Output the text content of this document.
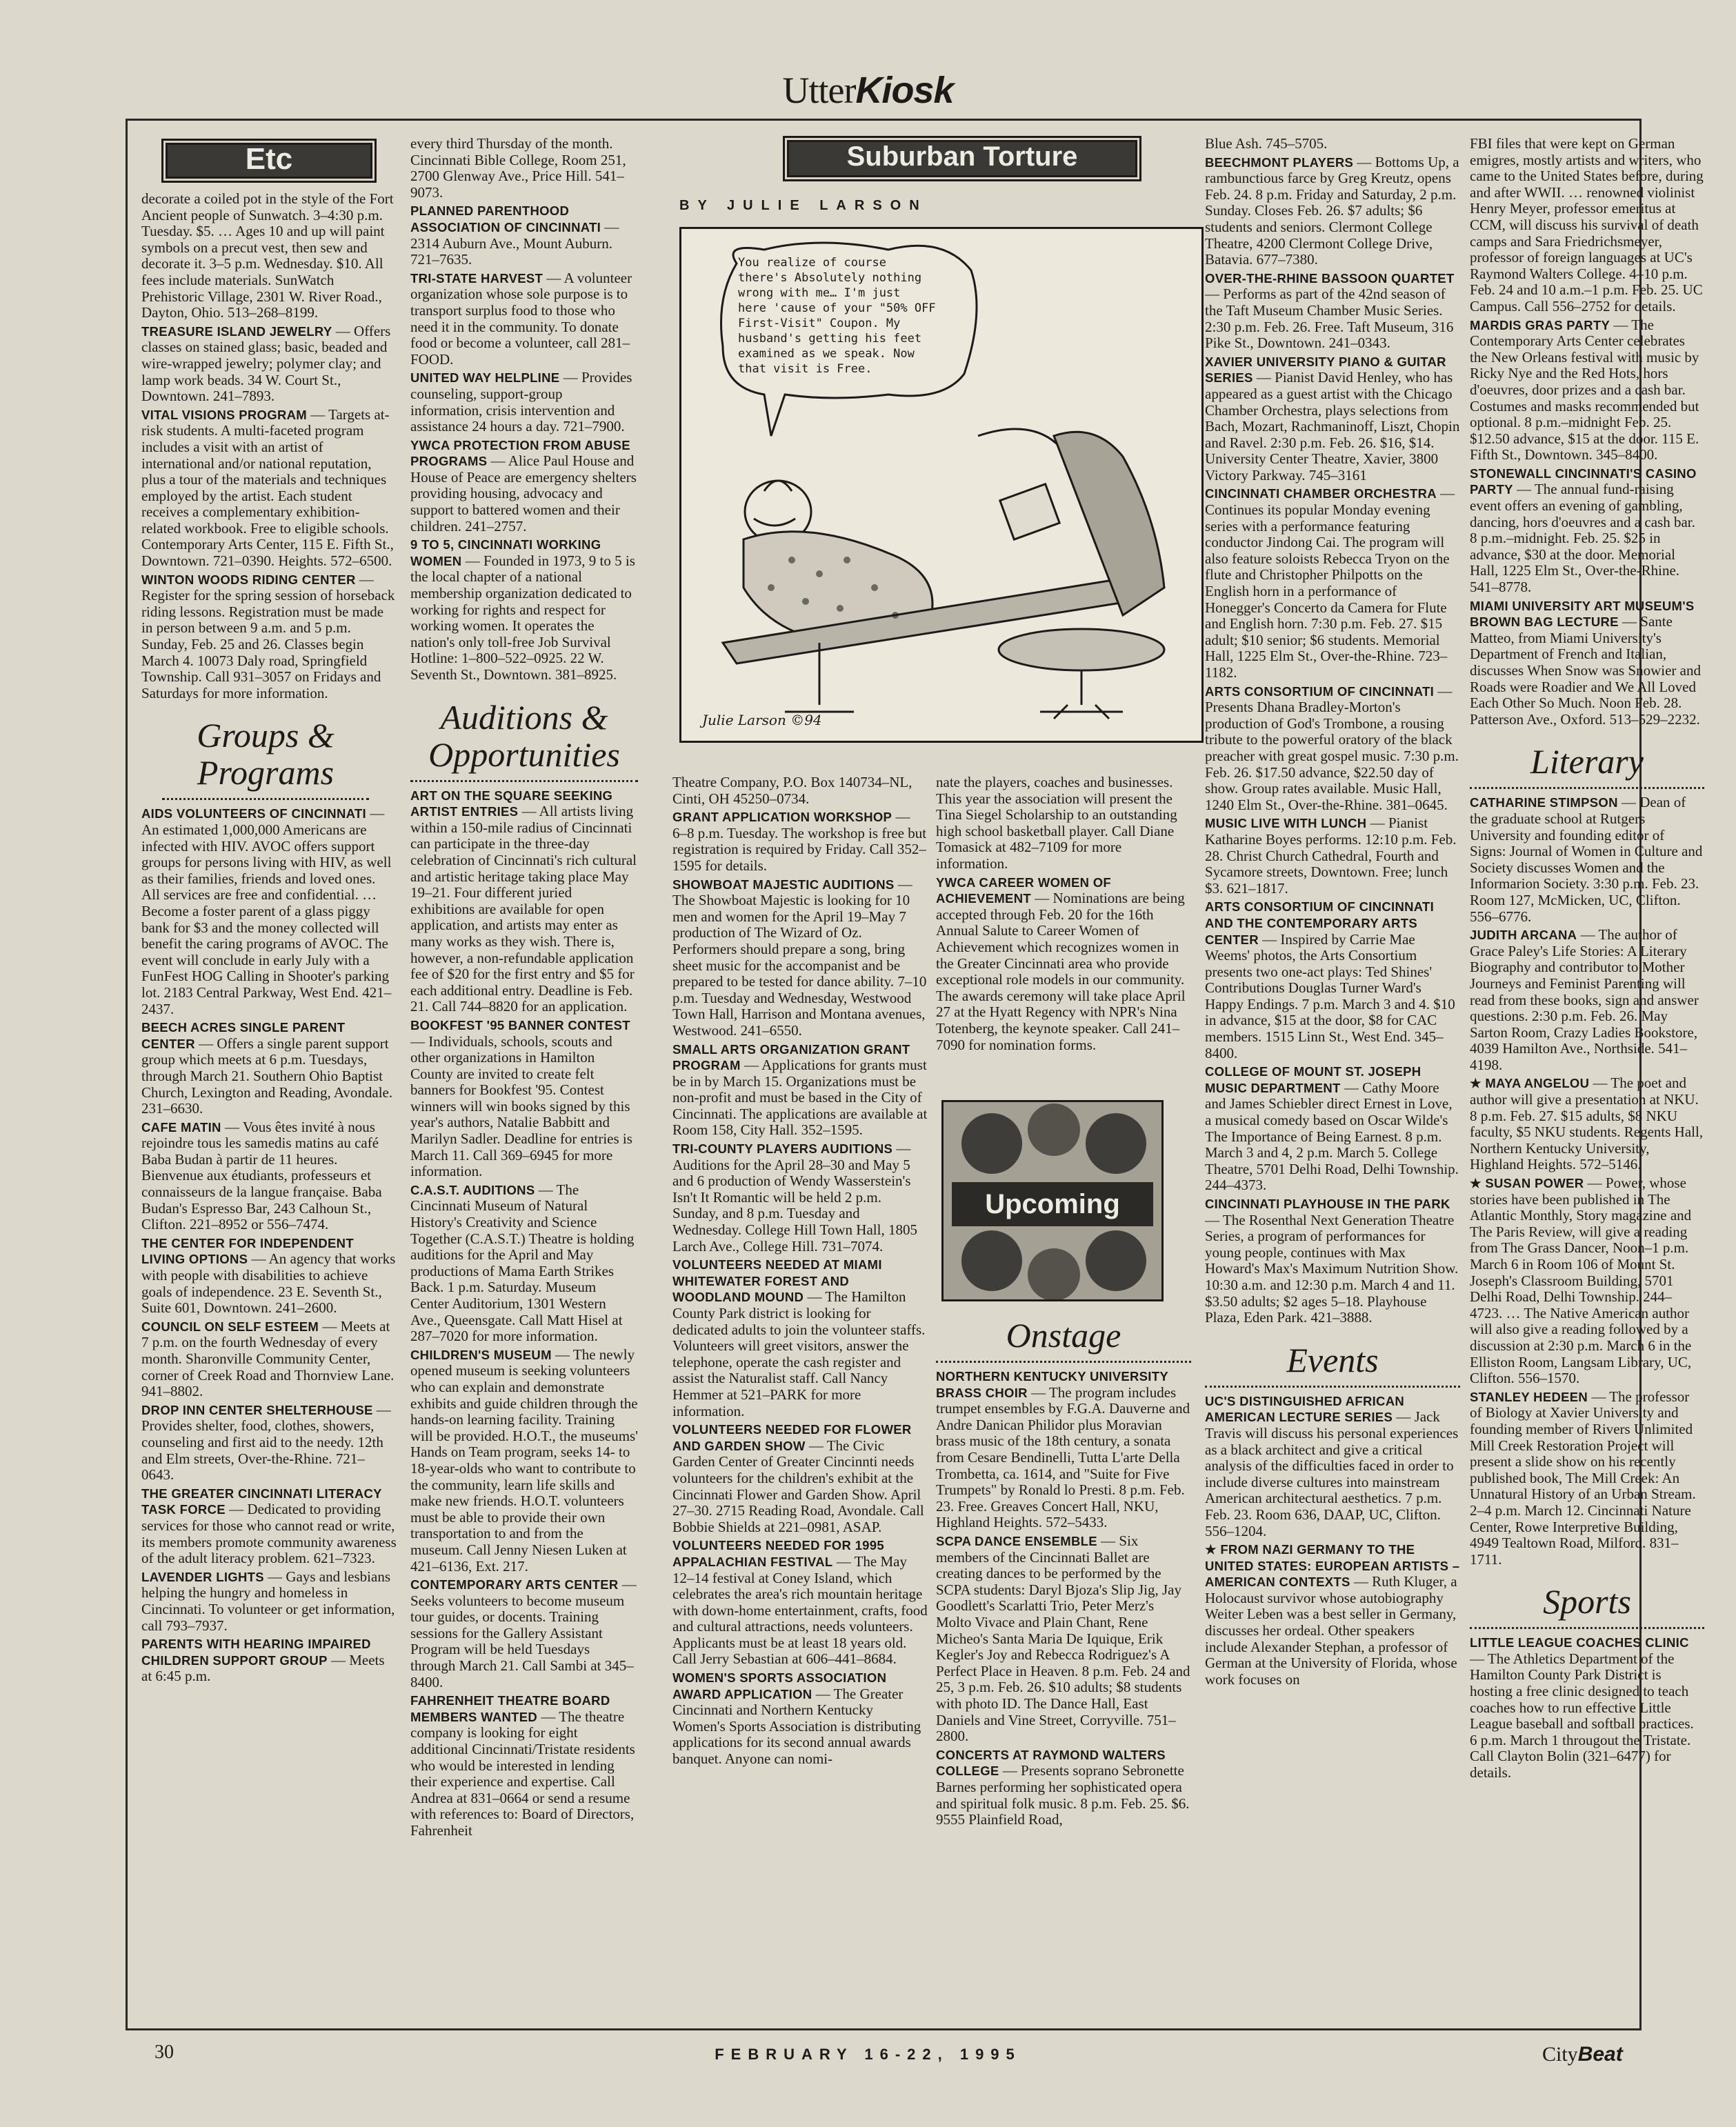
UtterKiosk
Etc

decorate a coiled pot in the style of the Fort Ancient people of Sunwatch. 3–4:30 p.m. Tuesday. $5. … Ages 10 and up will paint symbols on a precut vest, then sew and decorate it. 3–5 p.m. Wednesday. $10. All fees include materials. SunWatch Prehistoric Village, 2301 W. River Road., Dayton, Ohio. 513–268–8199.

TREASURE ISLAND JEWELRY — Offers classes on stained glass; basic, beaded and wire-wrapped jewelry; polymer clay; and lamp work beads. 34 W. Court St., Downtown. 241–7893.

VITAL VISIONS PROGRAM — Targets at-risk students. A multi-faceted program includes a visit with an artist of international and/or national reputation, plus a tour of the materials and techniques employed by the artist. Each student receives a complementary exhibition-related workbook. Free to eligible schools. Contemporary Arts Center, 115 E. Fifth St., Downtown. 721–0390. Heights. 572–6500.

WINTON WOODS RIDING CENTER — Register for the spring session of horseback riding lessons. Registration must be made in person between 9 a.m. and 5 p.m. Sunday, Feb. 25 and 26. Classes begin March 4. 10073 Daly road, Springfield Township. Call 931–3057 on Fridays and Saturdays for more information.

Groups & Programs

AIDS VOLUNTEERS OF CINCINNATI — An estimated 1,000,000 Americans are infected with HIV. AVOC offers support groups for persons living with HIV, as well as their families, friends and loved ones. All services are free and confidential. … Become a foster parent of a glass piggy bank for $3 and the money collected will benefit the caring programs of AVOC. The event will conclude in early July with a FunFest HOG Calling in Shooter's parking lot. 2183 Central Parkway, West End. 421–2437.

BEECH ACRES SINGLE PARENT CENTER — Offers a single parent support group which meets at 6 p.m. Tuesdays, through March 21. Southern Ohio Baptist Church, Lexington and Reading, Avondale. 231–6630.

CAFE MATIN — Vous êtes invité à nous rejoindre tous les samedis matins au café Baba Budan à partir de 11 heures. Bienvenue aux étudiants, professeurs et connaisseurs de la langue française. Baba Budan's Espresso Bar, 243 Calhoun St., Clifton. 221–8952 or 556–7474.

THE CENTER FOR INDEPENDENT LIVING OPTIONS — An agency that works with people with disabilities to achieve goals of independence. 23 E. Seventh St., Suite 601, Downtown. 241–2600.

COUNCIL ON SELF ESTEEM — Meets at 7 p.m. on the fourth Wednesday of every month. Sharonville Community Center, corner of Creek Road and Thornview Lane. 941–8802.

DROP INN CENTER SHELTERHOUSE — Provides shelter, food, clothes, showers, counseling and first aid to the needy. 12th and Elm streets, Over-the-Rhine. 721–0643.

THE GREATER CINCINNATI LITERACY TASK FORCE — Dedicated to providing services for those who cannot read or write, its members promote community awareness of the adult literacy problem. 621–7323.

LAVENDER LIGHTS — Gays and lesbians helping the hungry and homeless in Cincinnati. To volunteer or get information, call 793–7937.

PARENTS WITH HEARING IMPAIRED CHILDREN SUPPORT GROUP — Meets at 6:45 p.m.

every third Thursday of the month. Cincinnati Bible College, Room 251, 2700 Glenway Ave., Price Hill. 541–9073.

PLANNED PARENTHOOD ASSOCIATION OF CINCINNATI — 2314 Auburn Ave., Mount Auburn. 721–7635.

TRI-STATE HARVEST — A volunteer organization whose sole purpose is to transport surplus food to those who need it in the community. To donate food or become a volunteer, call 281–FOOD.

UNITED WAY HELPLINE — Provides counseling, support-group information, crisis intervention and assistance 24 hours a day. 721–7900.

YWCA PROTECTION FROM ABUSE PROGRAMS — Alice Paul House and House of Peace are emergency shelters providing housing, advocacy and support to battered women and their children. 241–2757.

9 TO 5, CINCINNATI WORKING WOMEN — Founded in 1973, 9 to 5 is the local chapter of a national membership organization dedicated to working for rights and respect for working women. It operates the nation's only toll-free Job Survival Hotline: 1–800–522–0925. 22 W. Seventh St., Downtown. 381–8925.

Auditions & Opportunities

ART ON THE SQUARE SEEKING ARTIST ENTRIES — All artists living within a 150-mile radius of Cincinnati can participate in the three-day celebration of Cincinnati's rich cultural and artistic heritage taking place May 19–21. Four different juried exhibitions are available for open application, and artists may enter as many works as they wish. There is, however, a non-refundable application fee of $20 for the first entry and $5 for each additional entry. Deadline is Feb. 21. Call 744–8820 for an application.

BOOKFEST '95 BANNER CONTEST — Individuals, schools, scouts and other organizations in Hamilton County are invited to create felt banners for Bookfest '95. Contest winners will win books signed by this year's authors, Natalie Babbitt and Marilyn Sadler. Deadline for entries is March 11. Call 369–6945 for more information.

C.A.S.T. AUDITIONS — The Cincinnati Museum of Natural History's Creativity and Science Together (C.A.S.T.) Theatre is holding auditions for the April and May productions of Mama Earth Strikes Back. 1 p.m. Saturday. Museum Center Auditorium, 1301 Western Ave., Queensgate. Call Matt Hisel at 287–7020 for more information.

CHILDREN'S MUSEUM — The newly opened museum is seeking volunteers who can explain and demonstrate exhibits and guide children through the hands-on learning facility. Training will be provided. H.O.T., the museums' Hands on Team program, seeks 14- to 18-year-olds who want to contribute to the community, learn life skills and make new friends. H.O.T. volunteers must be able to provide their own transportation to and from the museum. Call Jenny Niesen Luken at 421–6136, Ext. 217.

CONTEMPORARY ARTS CENTER — Seeks volunteers to become museum tour guides, or docents. Training sessions for the Gallery Assistant Program will be held Tuesdays through March 21. Call Sambi at 345–8400.

FAHRENHEIT THEATRE BOARD MEMBERS WANTED — The theatre company is looking for eight additional Cincinnati/Tristate residents who would be interested in lending their experience and expertise. Call Andrea at 831–0664 or send a resume with references to: Board of Directors, Fahrenheit

Suburban Torture
BY JULIE LARSON
You realize of course
there's Absolutely nothing
wrong with me… I'm just
here 'cause of your "50% OFF
First-Visit" Coupon. My
husband's getting his feet
examined as we speak. Now
that visit is Free.
Julie Larson ©94

Theatre Company, P.O. Box 140734–NL, Cinti, OH 45250–0734.

GRANT APPLICATION WORKSHOP — 6–8 p.m. Tuesday. The workshop is free but registration is required by Friday. Call 352–1595 for details.

SHOWBOAT MAJESTIC AUDITIONS — The Showboat Majestic is looking for 10 men and women for the April 19–May 7 production of The Wizard of Oz. Performers should prepare a song, bring sheet music for the accompanist and be prepared to be tested for dance ability. 7–10 p.m. Tuesday and Wednesday, Westwood Town Hall, Harrison and Montana avenues, Westwood. 241–6550.

SMALL ARTS ORGANIZATION GRANT PROGRAM — Applications for grants must be in by March 15. Organizations must be non-profit and must be based in the City of Cincinnati. The applications are available at Room 158, City Hall. 352–1595.

TRI-COUNTY PLAYERS AUDITIONS — Auditions for the April 28–30 and May 5 and 6 production of Wendy Wasserstein's Isn't It Romantic will be held 2 p.m. Sunday, and 8 p.m. Tuesday and Wednesday. College Hill Town Hall, 1805 Larch Ave., College Hill. 731–7074.

VOLUNTEERS NEEDED AT MIAMI WHITEWATER FOREST AND WOODLAND MOUND — The Hamilton County Park district is looking for dedicated adults to join the volunteer staffs. Volunteers will greet visitors, answer the telephone, operate the cash register and assist the Naturalist staff. Call Nancy Hemmer at 521–PARK for more information.

VOLUNTEERS NEEDED FOR FLOWER AND GARDEN SHOW — The Civic Garden Center of Greater Cincinnti needs volunteers for the children's exhibit at the Cincinnati Flower and Garden Show. April 27–30. 2715 Reading Road, Avondale. Call Bobbie Shields at 221–0981, ASAP.

VOLUNTEERS NEEDED FOR 1995 APPALACHIAN FESTIVAL — The May 12–14 festival at Coney Island, which celebrates the area's rich mountain heritage with down-home entertainment, crafts, food and cultural attractions, needs volunteers. Applicants must be at least 18 years old. Call Jerry Sebastian at 606–441–8684.

WOMEN'S SPORTS ASSOCIATION AWARD APPLICATION — The Greater Cincinnati and Northern Kentucky Women's Sports Association is distributing applications for its second annual awards banquet. Anyone can nomi-

nate the players, coaches and businesses. This year the association will present the Tina Siegel Scholarship to an outstanding high school basketball player. Call Diane Tomasick at 482–7109 for more information.

YWCA CAREER WOMEN OF ACHIEVEMENT — Nominations are being accepted through Feb. 20 for the 16th Annual Salute to Career Women of Achievement which recognizes women in the Greater Cincinnati area who provide exceptional role models in our community. The awards ceremony will take place April 27 at the Hyatt Regency with NPR's Nina Totenberg, the keynote speaker. Call 241–7090 for nomination forms.

Upcoming
Onstage

NORTHERN KENTUCKY UNIVERSITY BRASS CHOIR — The program includes trumpet ensembles by F.G.A. Dauverne and Andre Danican Philidor plus Moravian brass music of the 18th century, a sonata from Cesare Bendinelli, Tutta L'arte Della Trombetta, ca. 1614, and "Suite for Five Trumpets" by Ronald lo Presti. 8 p.m. Feb. 23. Free. Greaves Concert Hall, NKU, Highland Heights. 572–5433.

SCPA DANCE ENSEMBLE — Six members of the Cincinnati Ballet are creating dances to be performed by the SCPA students: Daryl Bjoza's Slip Jig, Jay Goodlett's Scarlatti Trio, Peter Merz's Molto Vivace and Plain Chant, Rene Micheo's Santa Maria De Iquique, Erik Kegler's Joy and Rebecca Rodriguez's A Perfect Place in Heaven. 8 p.m. Feb. 24 and 25, 3 p.m. Feb. 26. $10 adults; $8 students with photo ID. The Dance Hall, East Daniels and Vine Street, Corryville. 751–2800.

CONCERTS AT RAYMOND WALTERS COLLEGE — Presents soprano Sebronette Barnes performing her sophisticated opera and spiritual folk music. 8 p.m. Feb. 25. $6. 9555 Plainfield Road,

Blue Ash. 745–5705.

BEECHMONT PLAYERS — Bottoms Up, a rambunctious farce by Greg Kreutz, opens Feb. 24. 8 p.m. Friday and Saturday, 2 p.m. Sunday. Closes Feb. 26. $7 adults; $6 students and seniors. Clermont College Theatre, 4200 Clermont College Drive, Batavia. 677–7380.

OVER-THE-RHINE BASSOON QUARTET — Performs as part of the 42nd season of the Taft Museum Chamber Music Series. 2:30 p.m. Feb. 26. Free. Taft Museum, 316 Pike St., Downtown. 241–0343.

XAVIER UNIVERSITY PIANO & GUITAR SERIES — Pianist David Henley, who has appeared as a guest artist with the Chicago Chamber Orchestra, plays selections from Bach, Mozart, Rachmaninoff, Liszt, Chopin and Ravel. 2:30 p.m. Feb. 26. $16, $14. University Center Theatre, Xavier, 3800 Victory Parkway. 745–3161

CINCINNATI CHAMBER ORCHESTRA — Continues its popular Monday evening series with a performance featuring conductor Jindong Cai. The program will also feature soloists Rebecca Tryon on the flute and Christopher Philpotts on the English horn in a performance of Honegger's Concerto da Camera for Flute and English horn. 7:30 p.m. Feb. 27. $15 adult; $10 senior; $6 students. Memorial Hall, 1225 Elm St., Over-the-Rhine. 723–1182.

ARTS CONSORTIUM OF CINCINNATI — Presents Dhana Bradley-Morton's production of God's Trombone, a rousing tribute to the powerful oratory of the black preacher with great gospel music. 7:30 p.m. Feb. 26. $17.50 advance, $22.50 day of show. Group rates available. Music Hall, 1240 Elm St., Over-the-Rhine. 381–0645.

MUSIC LIVE WITH LUNCH — Pianist Katharine Boyes performs. 12:10 p.m. Feb. 28. Christ Church Cathedral, Fourth and Sycamore streets, Downtown. Free; lunch $3. 621–1817.

ARTS CONSORTIUM OF CINCINNATI AND THE CONTEMPORARY ARTS CENTER — Inspired by Carrie Mae Weems' photos, the Arts Consortium presents two one-act plays: Ted Shines' Contributions Douglas Turner Ward's Happy Endings. 7 p.m. March 3 and 4. $10 in advance, $15 at the door, $8 for CAC members. 1515 Linn St., West End. 345–8400.

COLLEGE OF MOUNT ST. JOSEPH MUSIC DEPARTMENT — Cathy Moore and James Schiebler direct Ernest in Love, a musical comedy based on Oscar Wilde's The Importance of Being Earnest. 8 p.m. March 3 and 4, 2 p.m. March 5. College Theatre, 5701 Delhi Road, Delhi Township. 244–4373.

CINCINNATI PLAYHOUSE IN THE PARK — The Rosenthal Next Generation Theatre Series, a program of performances for young people, continues with Max Howard's Max's Maximum Nutrition Show. 10:30 a.m. and 12:30 p.m. March 4 and 11. $3.50 adults; $2 ages 5–18. Playhouse Plaza, Eden Park. 421–3888.

Events

UC'S DISTINGUISHED AFRICAN AMERICAN LECTURE SERIES — Jack Travis will discuss his personal experiences as a black architect and give a critical analysis of the difficulties faced in order to include diverse cultures into mainstream American architectural aesthetics. 7 p.m. Feb. 23. Room 636, DAAP, UC, Clifton. 556–1204.

★ FROM NAZI GERMANY TO THE UNITED STATES: EUROPEAN ARTISTS – AMERICAN CONTEXTS — Ruth Kluger, a Holocaust survivor whose autobiography Weiter Leben was a best seller in Germany, discusses her ordeal. Other speakers include Alexander Stephan, a professor of German at the University of Florida, whose work focuses on

FBI files that were kept on German emigres, mostly artists and writers, who came to the United States before, during and after WWII. … renowned violinist Henry Meyer, professor emeritus at CCM, will discuss his survival of death camps and Sara Friedrichsmeyer, professor of foreign languages at UC's Raymond Walters College. 4–10 p.m. Feb. 24 and 10 a.m.–1 p.m. Feb. 25. UC Campus. Call 556–2752 for details.

MARDIS GRAS PARTY — The Contemporary Arts Center celebrates the New Orleans festival with music by Ricky Nye and the Red Hots, hors d'oeuvres, door prizes and a cash bar. Costumes and masks recommended but optional. 8 p.m.–midnight Feb. 25. $12.50 advance, $15 at the door. 115 E. Fifth St., Downtown. 345–8400.

STONEWALL CINCINNATI'S CASINO PARTY — The annual fund-raising event offers an evening of gambling, dancing, hors d'oeuvres and a cash bar. 8 p.m.–midnight. Feb. 25. $25 in advance, $30 at the door. Memorial Hall, 1225 Elm St., Over-the-Rhine. 541–8778.

MIAMI UNIVERSITY ART MUSEUM'S BROWN BAG LECTURE — Sante Matteo, from Miami University's Department of French and Italian, discusses When Snow was Snowier and Roads were Roadier and We All Loved Each Other So Much. Noon Feb. 28. Patterson Ave., Oxford. 513–529–2232.

Literary

CATHARINE STIMPSON — Dean of the graduate school at Rutgers University and founding editor of Signs: Journal of Women in Culture and Society discusses Women and the Informarion Society. 3:30 p.m. Feb. 23. Room 127, McMicken, UC, Clifton. 556–6776.

JUDITH ARCANA — The author of Grace Paley's Life Stories: A Literary Biography and contributor to Mother Journeys and Feminist Parenting will read from these books, sign and answer questions. 2:30 p.m. Feb. 26. May Sarton Room, Crazy Ladies Bookstore, 4039 Hamilton Ave., Northside. 541–4198.

★ MAYA ANGELOU — The poet and author will give a presentation at NKU. 8 p.m. Feb. 27. $15 adults, $8 NKU faculty, $5 NKU students. Regents Hall, Northern Kentucky University, Highland Heights. 572–5146.

★ SUSAN POWER — Power, whose stories have been published in The Atlantic Monthly, Story magazine and The Paris Review, will give a reading from The Grass Dancer, Noon–1 p.m. March 6 in Room 106 of Mount St. Joseph's Classroom Building, 5701 Delhi Road, Delhi Township. 244–4723. … The Native American author will also give a reading followed by a discussion at 2:30 p.m. March 6 in the Elliston Room, Langsam Library, UC, Clifton. 556–1570.

STANLEY HEDEEN — The professor of Biology at Xavier University and founding member of Rivers Unlimited Mill Creek Restoration Project will present a slide show on his recently published book, The Mill Creek: An Unnatural History of an Urban Stream. 2–4 p.m. March 12. Cincinnati Nature Center, Rowe Interpretive Building, 4949 Tealtown Road, Milford. 831–1711.

Sports

LITTLE LEAGUE COACHES CLINIC — The Athletics Department of the Hamilton County Park District is hosting a free clinic designed to teach coaches how to run effective Little League baseball and softball practices. 6 p.m. March 1 througout the Tristate. Call Clayton Bolin (321–6477) for details.

30	FEBRUARY 16-22, 1995	CityBeat
